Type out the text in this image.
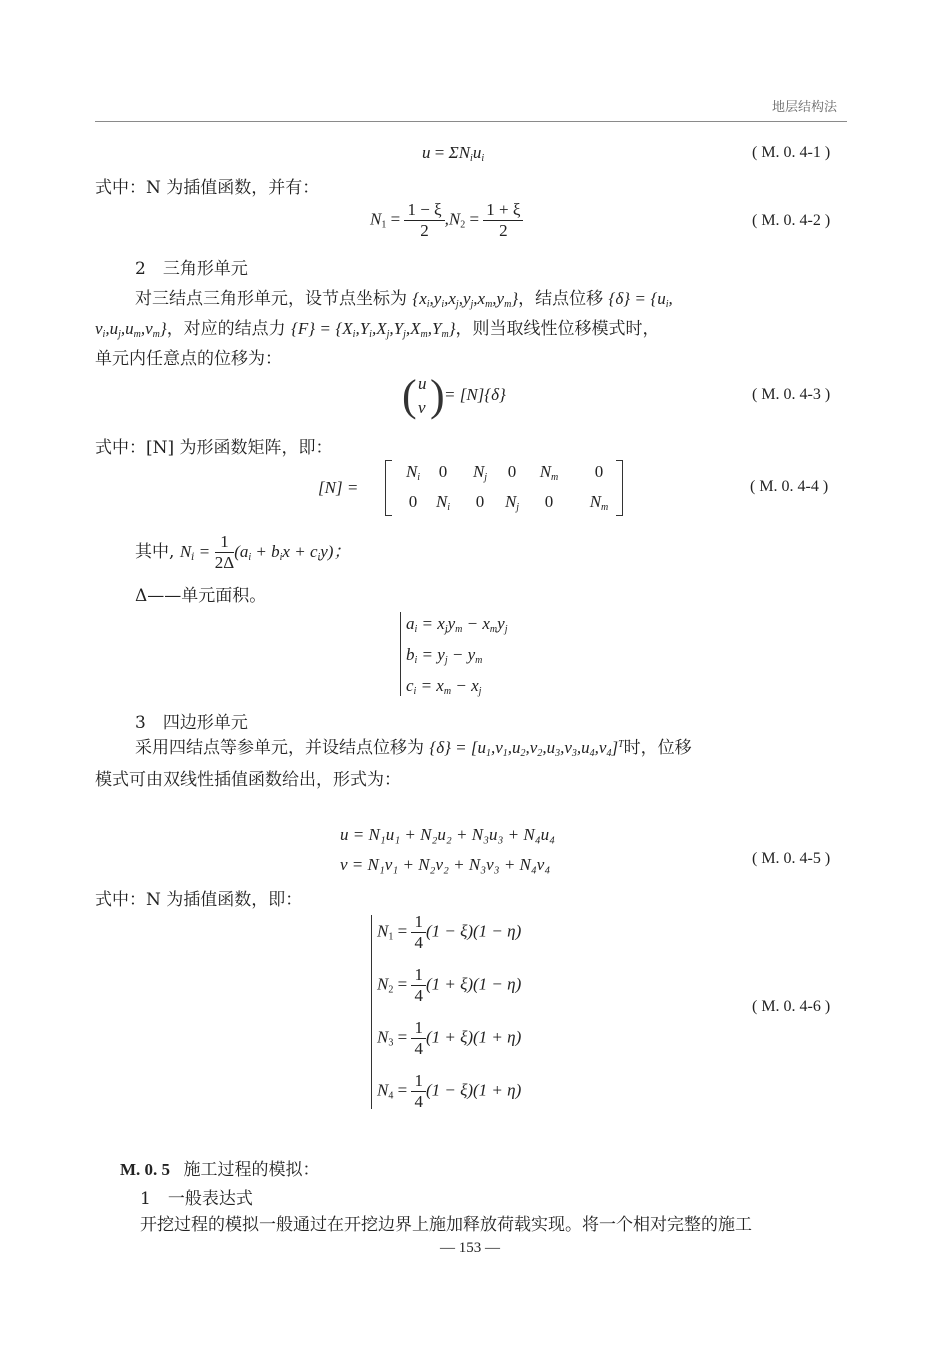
地层结构法
$u = \Sigma N_iu_i$	( M. 0. 4-1 )
式中：N 为插值函数，并有：
$N_1 = \frac{1 - \xi}{2} ,N_2 = \frac{1 + \xi}{2}$	( M. 0. 4-2 )
2　三角形单元
对三结点三角形单元，设节点坐标为 $\{x_i,y_i,x_j,y_j,x_m,y_m\}$，结点位移 $\{\delta\} = \{u_i$,
$v_i,u_j,u_m,v_m$}，对应的结点力 $\{F\} = \{X_i,Y_i,X_j,Y_j,X_m,Y_m\}$，则当取线性位移模式时，
单元内任意点的位移为：
( u
v ) = [N]{δ}	( M. 0. 4-3 )
式中：[N] 为形函数矩阵，即：
[N] =
$N_i$	0	$N_j$	0	$N_m$	0
0	$N_i$	0	$N_j$	0	$N_m$
( M. 0. 4-4 )
其中, $N_i = \frac{1}{2\Delta} (a_i + b_ix + c_iy)$；
Δ——单元面积。
$a_i = x_jy_m - x_my_j$
$b_i = y_j - y_m$
$c_i = x_m - x_j$
3　四边形单元
采用四结点等参单元，并设结点位移为 $\{\delta\} = [u_1,v_1,u_2,v_2,u_3,v_3,u_4,v_4]^T$时，位移
模式可由双线性插值函数给出，形式为：
u = N₁u₁ + N₂u₂ + N₃u₃ + N₄u₄
v = N₁v₁ + N₂v₂ + N₃v₃ + N₄v₄	( M. 0. 4-5 )
式中：N 为插值函数，即：
$N_1 = \frac{1}{4} (1 - \xi)(1 - \eta)$
$N_2 = \frac{1}{4} (1 + \xi)(1 - \eta)$
$N_3 = \frac{1}{4} (1 + \xi)(1 + \eta)$
$N_4 = \frac{1}{4} (1 - \xi)(1 + \eta)$
( M. 0. 4-6 )
M. 0. 5 施工过程的模拟：
1　一般表达式
开挖过程的模拟一般通过在开挖边界上施加释放荷载实现。将一个相对完整的施工
— 153 —
